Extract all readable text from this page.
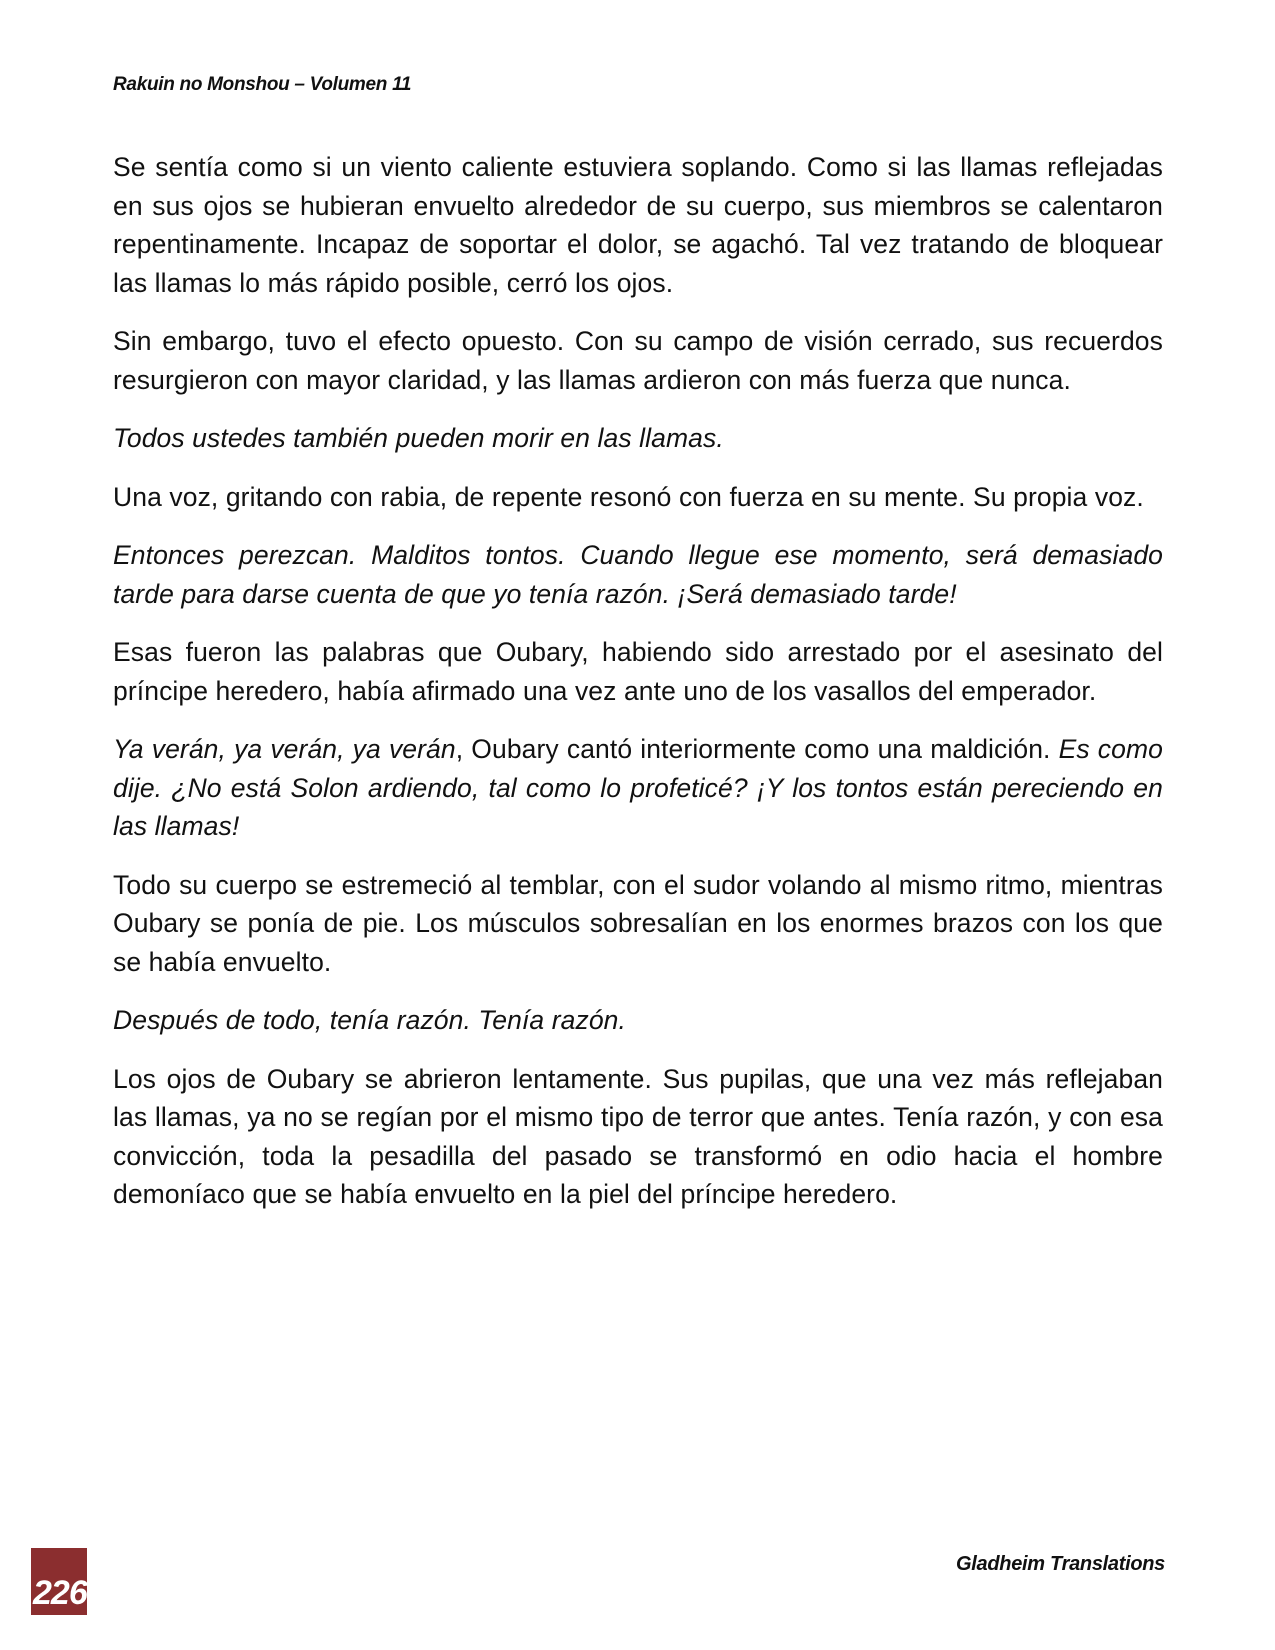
Rakuin no Monshou – Volumen 11

Se sentía como si un viento caliente estuviera soplando. Como si las llamas reflejadas en sus ojos se hubieran envuelto alrededor de su cuerpo, sus miembros se calentaron repentinamente. Incapaz de soportar el dolor, se agachó. Tal vez tratando de bloquear las llamas lo más rápido posible, cerró los ojos.

Sin embargo, tuvo el efecto opuesto. Con su campo de visión cerrado, sus recuerdos resurgieron con mayor claridad, y las llamas ardieron con más fuerza que nunca.

Todos ustedes también pueden morir en las llamas.

Una voz, gritando con rabia, de repente resonó con fuerza en su mente. Su propia voz.

Entonces perezcan. Malditos tontos. Cuando llegue ese momento, será demasiado tarde para darse cuenta de que yo tenía razón. ¡Será demasiado tarde!

Esas fueron las palabras que Oubary, habiendo sido arrestado por el asesinato del príncipe heredero, había afirmado una vez ante uno de los vasallos del emperador.

Ya verán, ya verán, ya verán, Oubary cantó interiormente como una maldición. Es como dije. ¿No está Solon ardiendo, tal como lo profeticé? ¡Y los tontos están pereciendo en las llamas!

Todo su cuerpo se estremeció al temblar, con el sudor volando al mismo ritmo, mientras Oubary se ponía de pie. Los músculos sobresalían en los enormes brazos con los que se había envuelto.

Después de todo, tenía razón. Tenía razón.

Los ojos de Oubary se abrieron lentamente. Sus pupilas, que una vez más reflejaban las llamas, ya no se regían por el mismo tipo de terror que antes. Tenía razón, y con esa convicción, toda la pesadilla del pasado se transformó en odio hacia el hombre demoníaco que se había envuelto en la piel del príncipe heredero.

226
Gladheim Translations
